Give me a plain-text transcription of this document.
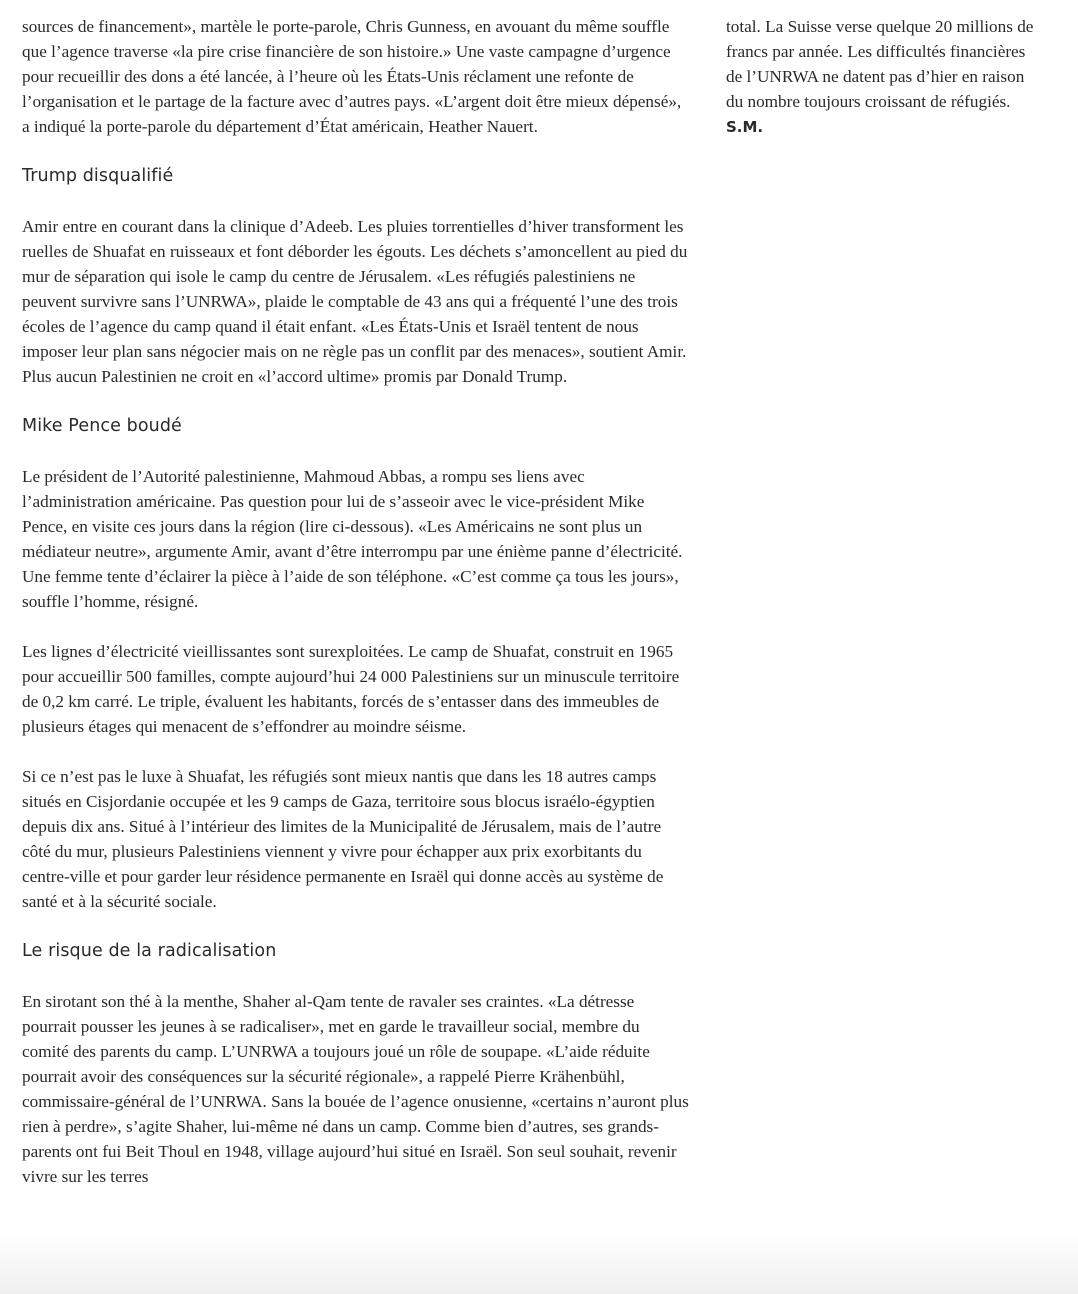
sources de financement», martèle le porte-parole, Chris Gunness, en avouant du même souffle que l’agence traverse «la pire crise financière de son histoire.» Une vaste campagne d’urgence pour recueillir des dons a été lancée, à l’heure où les États-Unis réclament une refonte de l’organisation et le partage de la facture avec d’autres pays. «L’argent doit être mieux dépensé», a indiqué la porte-parole du département d’État américain, Heather Nauert.

Trump disqualifié

Amir entre en courant dans la clinique d’Adeeb. Les pluies torrentielles d’hiver transforment les ruelles de Shuafat en ruisseaux et font déborder les égouts. Les déchets s’amoncellent au pied du mur de séparation qui isole le camp du centre de Jérusalem. «Les réfugiés palestiniens ne peuvent survivre sans l’UNRWA», plaide le comptable de 43 ans qui a fréquenté l’une des trois écoles de l’agence du camp quand il était enfant. «Les États-Unis et Israël tentent de nous imposer leur plan sans négocier mais on ne règle pas un conflit par des menaces», soutient Amir. Plus aucun Palestinien ne croit en «l’accord ultime» promis par Donald Trump.

Mike Pence boudé

Le président de l’Autorité palestinienne, Mahmoud Abbas, a rompu ses liens avec l’administration américaine. Pas question pour lui de s’asseoir avec le vice-président Mike Pence, en visite ces jours dans la région (lire ci-dessous). «Les Américains ne sont plus un médiateur neutre», argumente Amir, avant d’être interrompu par une énième panne d’électricité. Une femme tente d’éclairer la pièce à l’aide de son téléphone. «C’est comme ça tous les jours», souffle l’homme, résigné.

Les lignes d’électricité vieillissantes sont surexploitées. Le camp de Shuafat, construit en 1965 pour accueillir 500 familles, compte aujourd’hui 24 000 Palestiniens sur un minuscule territoire de 0,2 km carré. Le triple, évaluent les habitants, forcés de s’entasser dans des immeubles de plusieurs étages qui menacent de s’effondrer au moindre séisme.

Si ce n’est pas le luxe à Shuafat, les réfugiés sont mieux nantis que dans les 18 autres camps situés en Cisjordanie occupée et les 9 camps de Gaza, territoire sous blocus israélo-égyptien depuis dix ans. Situé à l’intérieur des limites de la Municipalité de Jérusalem, mais de l’autre côté du mur, plusieurs Palestiniens viennent y vivre pour échapper aux prix exorbitants du centre-ville et pour garder leur résidence permanente en Israël qui donne accès au système de santé et à la sécurité sociale.

Le risque de la radicalisation

En sirotant son thé à la menthe, Shaher al-Qam tente de ravaler ses craintes. «La détresse pourrait pousser les jeunes à se radicaliser», met en garde le travailleur social, membre du comité des parents du camp. L’UNRWA a toujours joué un rôle de soupape. «L’aide réduite pourrait avoir des conséquences sur la sécurité régionale», a rappelé Pierre Krähenbühl, commissaire-général de l’UNRWA. Sans la bouée de l’agence onusienne, «certains n’auront plus rien à perdre», s’agite Shaher, lui-même né dans un camp. Comme bien d’autres, ses grands-parents ont fui Beit Thoul en 1948, village aujourd’hui situé en Israël. Son seul souhait, revenir vivre sur les terres

total. La Suisse verse quelque 20 millions de francs par année. Les difficultés financières de l’UNRWA ne datent pas d’hier en raison du nombre toujours croissant de réfugiés. S.M.
